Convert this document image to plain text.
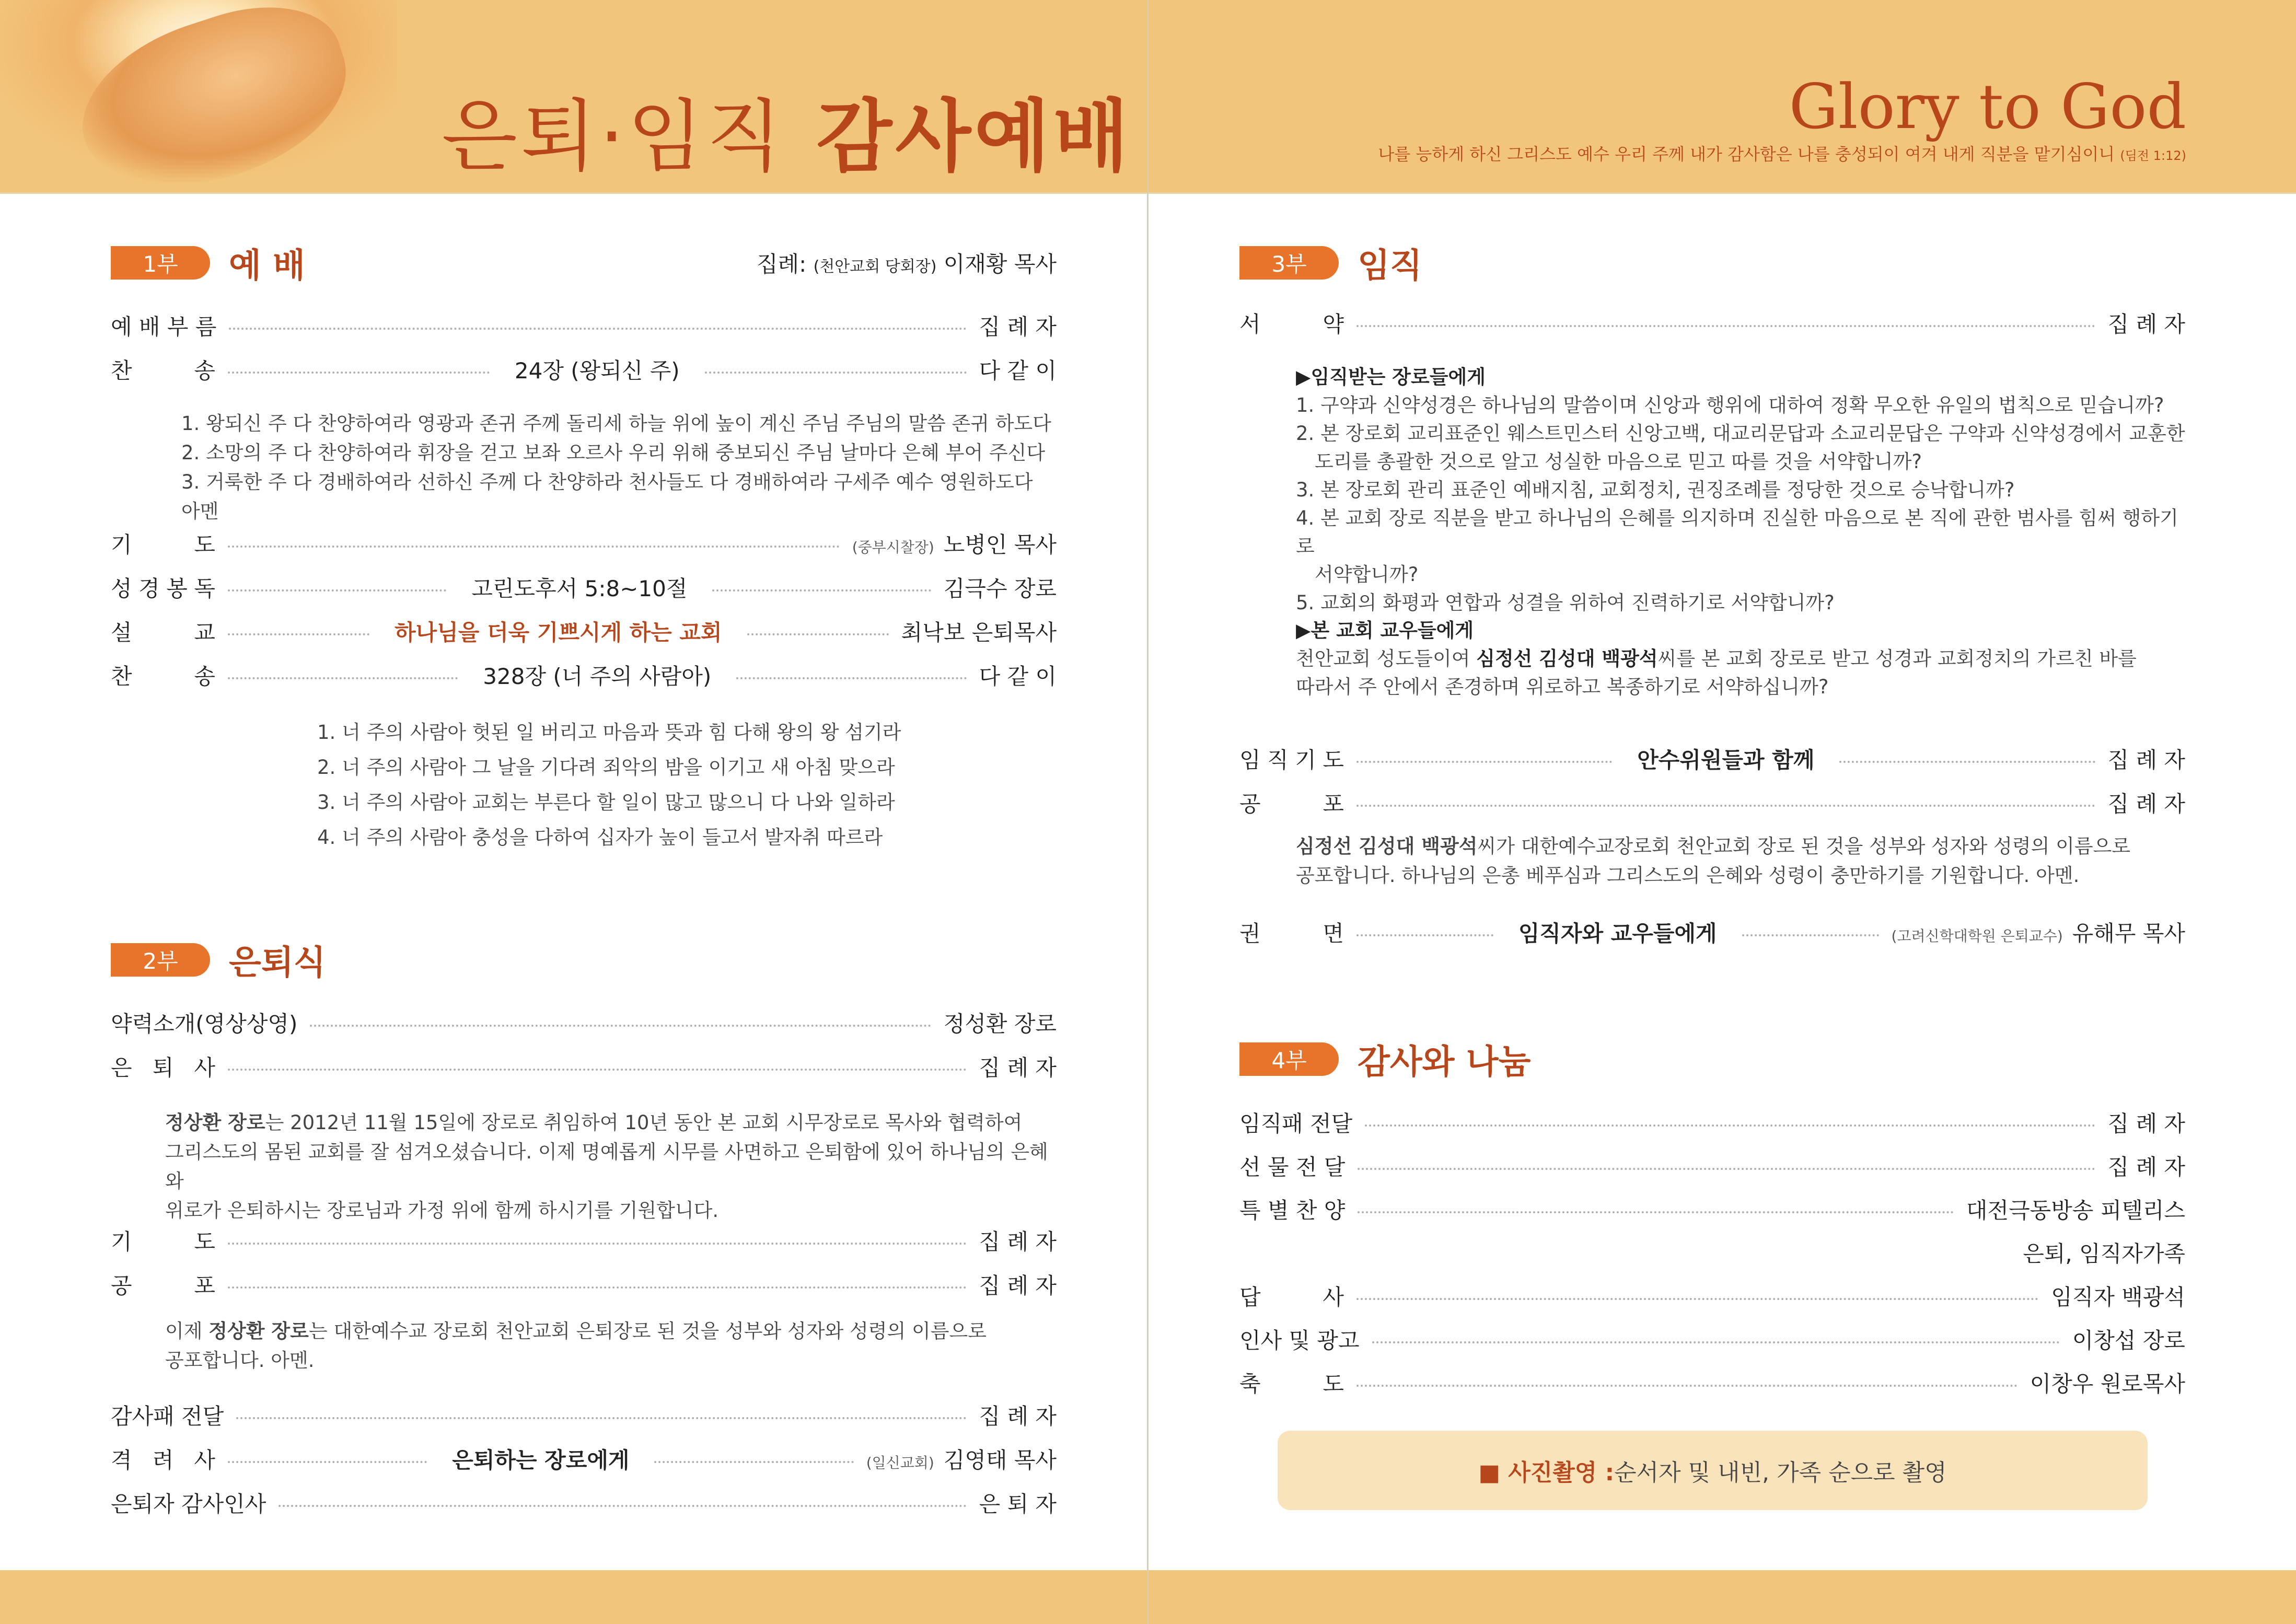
은퇴·임직 감사예배	Glory to God
나를 능하게 하신 그리스도 예수 우리 주께 내가 감사함은 나를 충성되이 여겨 내게 직분을 맡기심이니 (딤전 1:12)
1부	예 배	집례: (천안교회 당회장) 이재황 목사
예 배 부 름	집 례 자
찬	송	24장 (왕되신 주)	다 같 이
1. 왕되신 주 다 찬양하여라 영광과 존귀 주께 돌리세 하늘 위에 높이 계신 주님 주님의 말씀 존귀 하도다
2. 소망의 주 다 찬양하여라 휘장을 걷고 보좌 오르사 우리 위해 중보되신 주님 날마다 은혜 부어 주신다
3. 거룩한 주 다 경배하여라 선하신 주께 다 찬양하라 천사들도 다 경배하여라 구세주 예수 영원하도다 아멘
기	도	(중부시찰장) 노병인 목사
성 경 봉 독	고린도후서 5:8~10절	김극수 장로
설	교	하나님을 더욱 기쁘시게 하는 교회	최낙보 은퇴목사
찬	송	328장 (너 주의 사람아)	다 같 이
1. 너 주의 사람아 헛된 일 버리고 마음과 뜻과 힘 다해 왕의 왕 섬기라
2. 너 주의 사람아 그 날을 기다려 죄악의 밤을 이기고 새 아침 맞으라
3. 너 주의 사람아 교회는 부른다 할 일이 많고 많으니 다 나와 일하라
4. 너 주의 사람아 충성을 다하여 십자가 높이 들고서 발자취 따르라
2부	은퇴식
약력소개(영상상영)	정성환 장로
은 퇴 사	집 례 자
정상환 장로는 2012년 11월 15일에 장로로 취임하여 10년 동안 본 교회 시무장로로 목사와 협력하여
그리스도의 몸된 교회를 잘 섬겨오셨습니다. 이제 명예롭게 시무를 사면하고 은퇴함에 있어 하나님의 은혜와
위로가 은퇴하시는 장로님과 가정 위에 함께 하시기를 기원합니다.
기	도	집 례 자
공	포	집 례 자
이제 정상환 장로는 대한예수교 장로회 천안교회 은퇴장로 된 것을 성부와 성자와 성령의 이름으로
공포합니다. 아멘.
감사패 전달	집 례 자
격 려 사	은퇴하는 장로에게	(일신교회) 김영태 목사
은퇴자 감사인사	은 퇴 자
3부	임직
서	약	집 례 자
▶임직받는 장로들에게
1. 구약과 신약성경은 하나님의 말씀이며 신앙과 행위에 대하여 정확 무오한 유일의 법칙으로 믿습니까?
2. 본 장로회 교리표준인 웨스트민스터 신앙고백, 대교리문답과 소교리문답은 구약과 신약성경에서 교훈한
도리를 총괄한 것으로 알고 성실한 마음으로 믿고 따를 것을 서약합니까?
3. 본 장로회 관리 표준인 예배지침, 교회정치, 권징조례를 정당한 것으로 승낙합니까?
4. 본 교회 장로 직분을 받고 하나님의 은혜를 의지하며 진실한 마음으로 본 직에 관한 범사를 힘써 행하기로
서약합니까?
5. 교회의 화평과 연합과 성결을 위하여 진력하기로 서약합니까?
▶본 교회 교우들에게
천안교회 성도들이여 심정선 김성대 백광석씨를 본 교회 장로로 받고 성경과 교회정치의 가르친 바를
따라서 주 안에서 존경하며 위로하고 복종하기로 서약하십니까?
임 직 기 도	안수위원들과 함께	집 례 자
공	포	집 례 자
심정선 김성대 백광석씨가 대한예수교장로회 천안교회 장로 된 것을 성부와 성자와 성령의 이름으로
공포합니다. 하나님의 은총 베푸심과 그리스도의 은혜와 성령이 충만하기를 기원합니다. 아멘.
권	면	임직자와 교우들에게	(고려신학대학원 은퇴교수) 유해무 목사
4부	감사와 나눔
임직패 전달	집 례 자
선 물 전 달	집 례 자
특 별 찬 양	대전극동방송 피텔리스
은퇴, 임직자가족
답	사	임직자 백광석
인사 및 광고	이창섭 장로
축	도	이창우 원로목사
■ 사진촬영 : 순서자 및 내빈, 가족 순으로 촬영
